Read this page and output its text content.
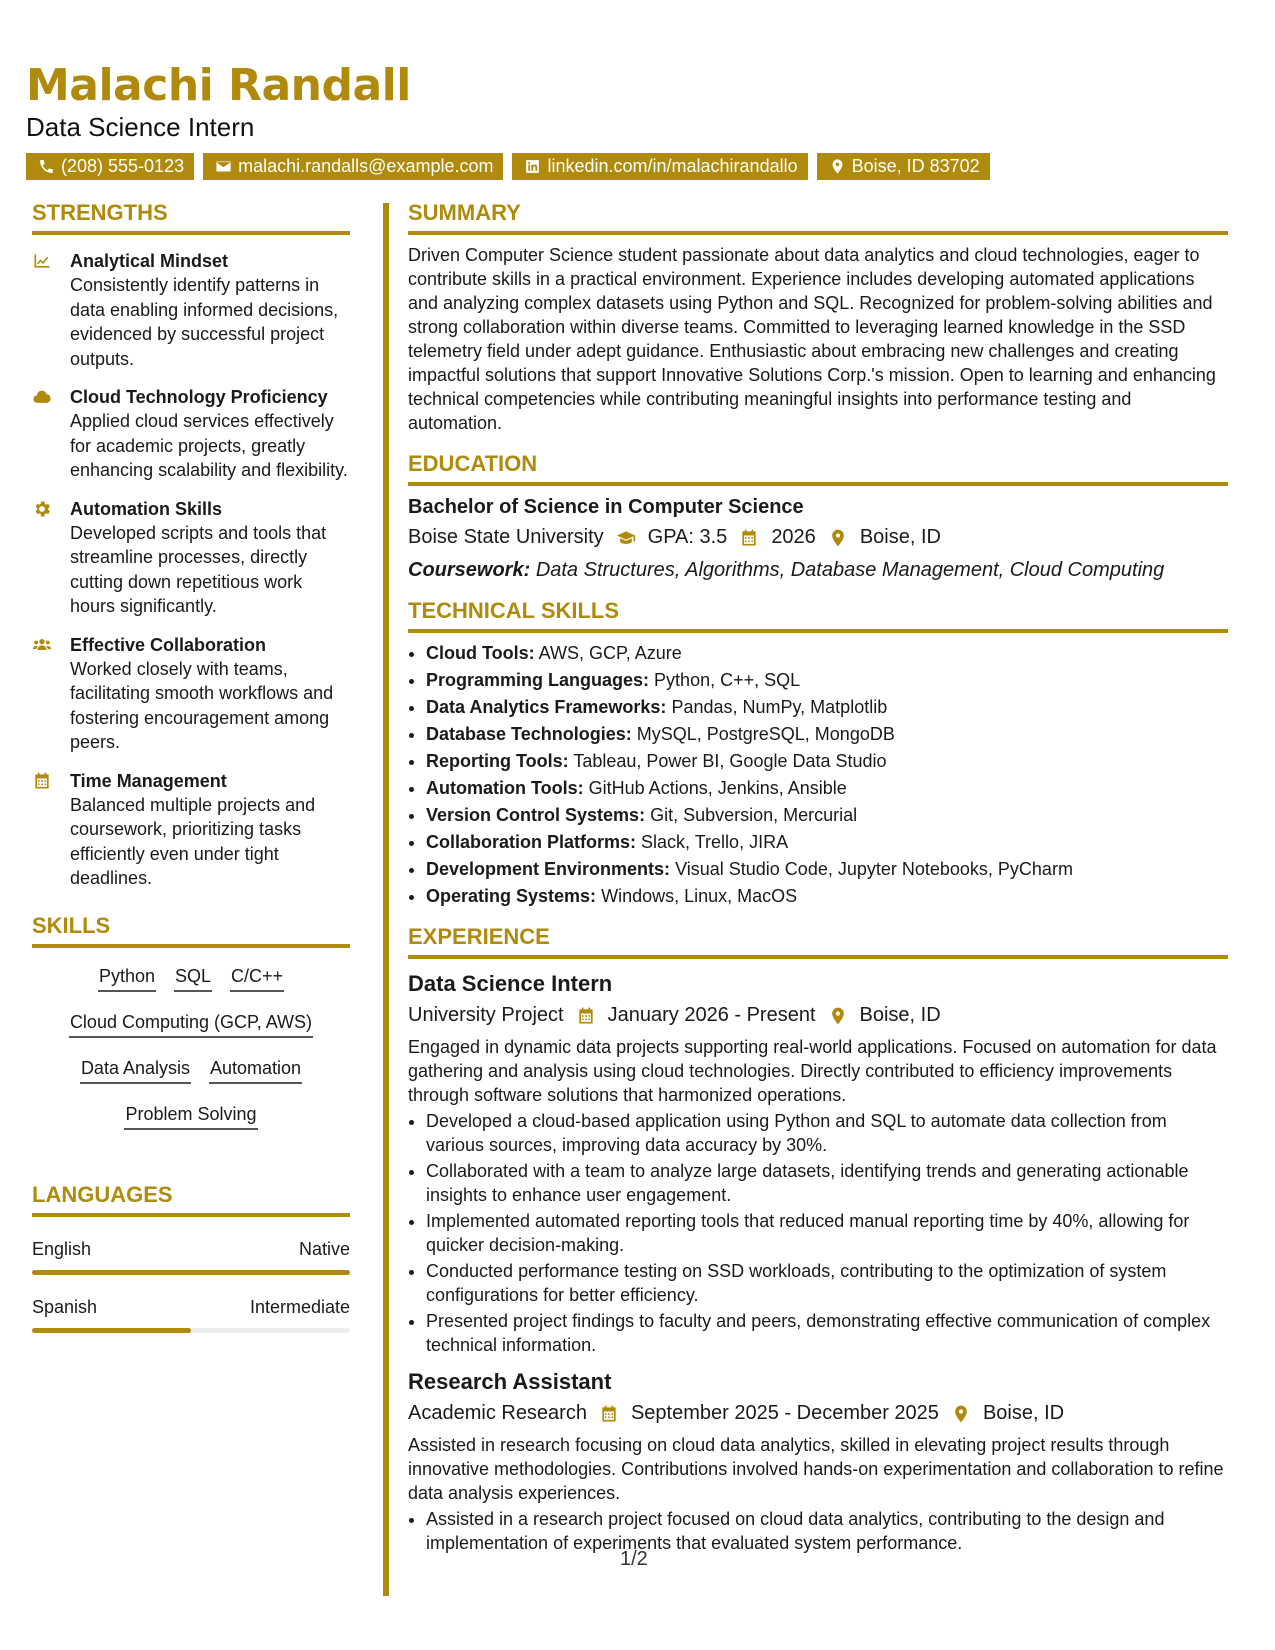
Malachi Randall
Data Science Intern
(208) 555-0123	malachi.randalls@example.com	linkedin.com/in/malachirandallo	Boise, ID 83702
STRENGTHS
Analytical Mindset
Consistently identify patterns in data enabling informed decisions, evidenced by successful project outputs.
Cloud Technology Proficiency
Applied cloud services effectively for academic projects, greatly enhancing scalability and flexibility.
Automation Skills
Developed scripts and tools that streamline processes, directly cutting down repetitious work hours significantly.
Effective Collaboration
Worked closely with teams, facilitating smooth workflows and fostering encouragement among peers.
Time Management
Balanced multiple projects and coursework, prioritizing tasks efficiently even under tight deadlines.
SKILLS
Python SQL C/C++
Cloud Computing (GCP, AWS)
Data Analysis Automation
Problem Solving
LANGUAGES
English	Native
Spanish	Intermediate
SUMMARY
Driven Computer Science student passionate about data analytics and cloud technologies, eager to contribute skills in a practical environment. Experience includes developing automated applications and analyzing complex datasets using Python and SQL. Recognized for problem-solving abilities and strong collaboration within diverse teams. Committed to leveraging learned knowledge in the SSD telemetry field under adept guidance. Enthusiastic about embracing new challenges and creating impactful solutions that support Innovative Solutions Corp.'s mission. Open to learning and enhancing technical competencies while contributing meaningful insights into performance testing and automation.
EDUCATION
Bachelor of Science in Computer Science
Boise State University GPA: 3.5 2026 Boise, ID
Coursework: Data Structures, Algorithms, Database Management, Cloud Computing
TECHNICAL SKILLS
• Cloud Tools: AWS, GCP, Azure
• Programming Languages: Python, C++, SQL
• Data Analytics Frameworks: Pandas, NumPy, Matplotlib
• Database Technologies: MySQL, PostgreSQL, MongoDB
• Reporting Tools: Tableau, Power BI, Google Data Studio
• Automation Tools: GitHub Actions, Jenkins, Ansible
• Version Control Systems: Git, Subversion, Mercurial
• Collaboration Platforms: Slack, Trello, JIRA
• Development Environments: Visual Studio Code, Jupyter Notebooks, PyCharm
• Operating Systems: Windows, Linux, MacOS
EXPERIENCE
Data Science Intern
University Project January 2026 - Present Boise, ID
Engaged in dynamic data projects supporting real-world applications. Focused on automation for data gathering and analysis using cloud technologies. Directly contributed to efficiency improvements through software solutions that harmonized operations.
• Developed a cloud-based application using Python and SQL to automate data collection from various sources, improving data accuracy by 30%.
• Collaborated with a team to analyze large datasets, identifying trends and generating actionable insights to enhance user engagement.
• Implemented automated reporting tools that reduced manual reporting time by 40%, allowing for quicker decision-making.
• Conducted performance testing on SSD workloads, contributing to the optimization of system configurations for better efficiency.
• Presented project findings to faculty and peers, demonstrating effective communication of complex technical information.
Research Assistant
Academic Research September 2025 - December 2025 Boise, ID
Assisted in research focusing on cloud data analytics, skilled in elevating project results through innovative methodologies. Contributions involved hands-on experimentation and collaboration to refine data analysis experiences.
• Assisted in a research project focused on cloud data analytics, contributing to the design and implementation of experiments that evaluated system performance.
1/2
